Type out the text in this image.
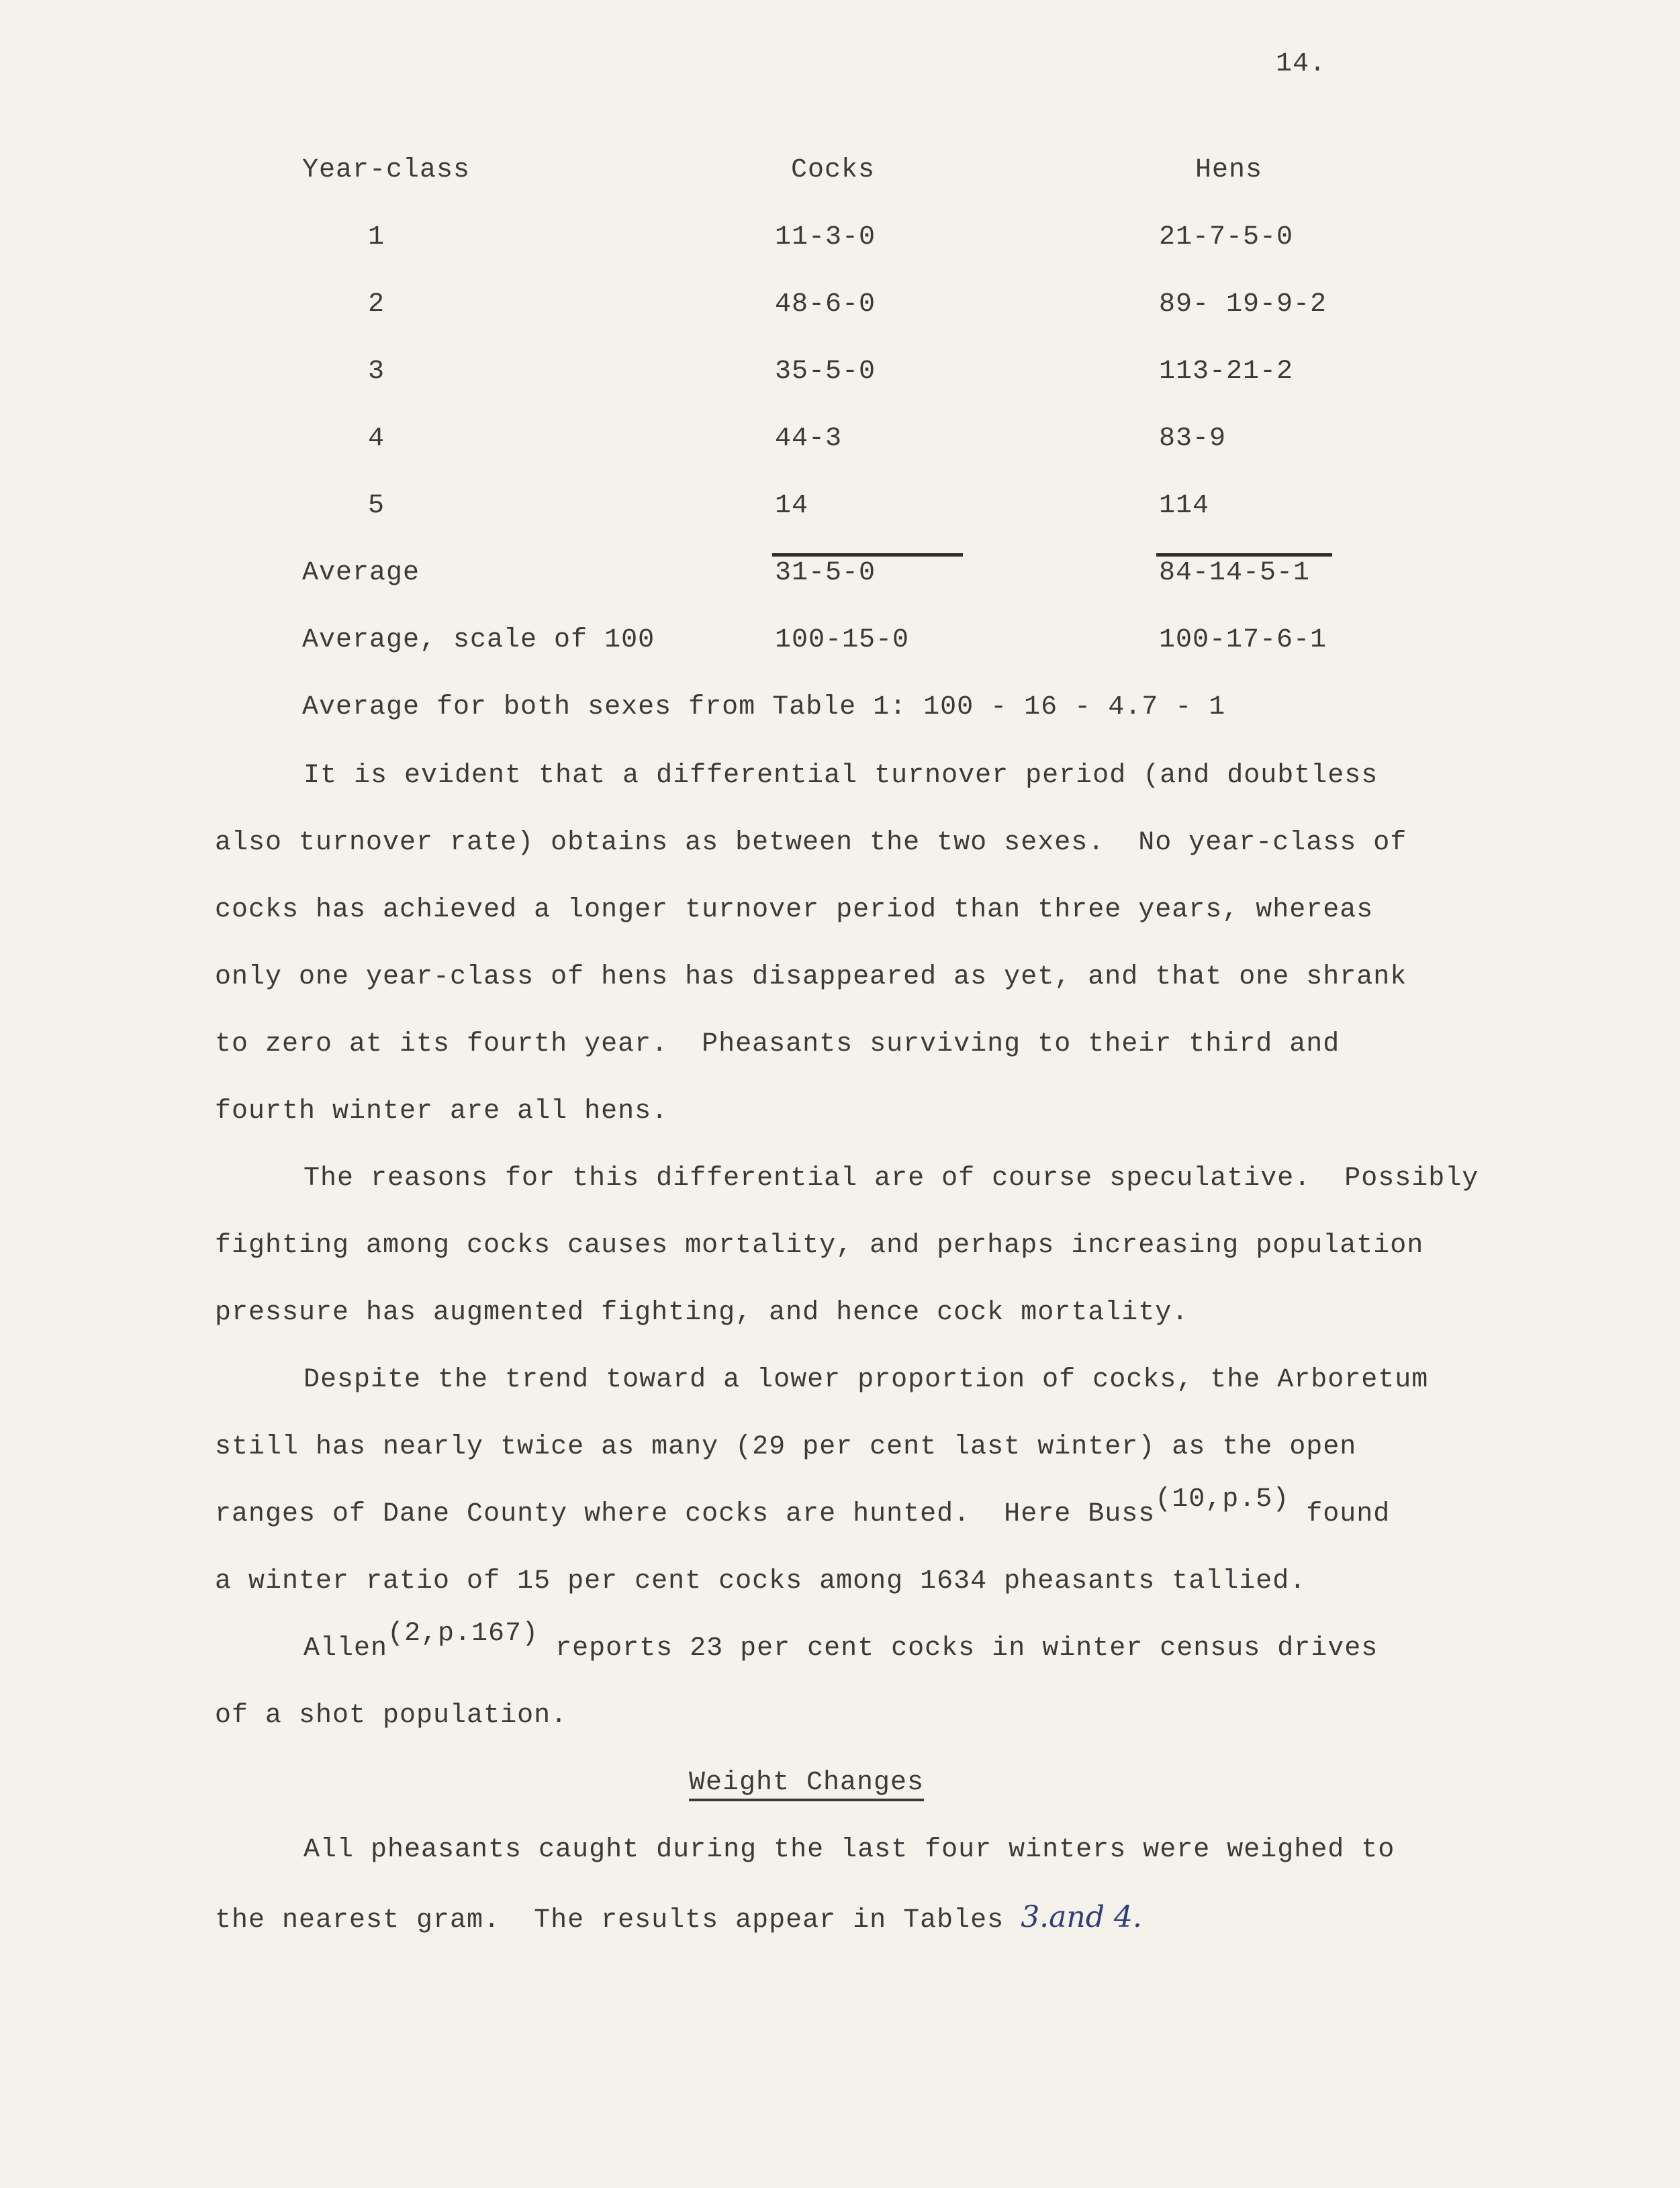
14.
Year-class	Cocks	Hens
1	11-3-0	21-7-5-0
2	48-6-0	89- 19-9-2
3	35-5-0	113-21-2
4	44-3	83-9
5	14	114
Average	31-5-0	84-14-5-1
Average, scale of 100	100-15-0	100-17-6-1
Average for both sexes from Table 1: 100 - 16 - 4.7 - 1
It is evident that a differential turnover period (and doubtless
also turnover rate) obtains as between the two sexes.  No year-class of
cocks has achieved a longer turnover period than three years, whereas
only one year-class of hens has disappeared as yet, and that one shrank
to zero at its fourth year.  Pheasants surviving to their third and
fourth winter are all hens.
The reasons for this differential are of course speculative.  Possibly
fighting among cocks causes mortality, and perhaps increasing population
pressure has augmented fighting, and hence cock mortality.
Despite the trend toward a lower proportion of cocks, the Arboretum
still has nearly twice as many (29 per cent last winter) as the open
ranges of Dane County where cocks are hunted.  Here Buss$^{(10,p.5)}$ found
a winter ratio of 15 per cent cocks among 1634 pheasants tallied.
Allen$^{(2,p.167)}$ reports 23 per cent cocks in winter census drives
of a shot population.
Weight Changes
All pheasants caught during the last four winters were weighed to
the nearest gram.  The results appear in Tables 3.and 4.
